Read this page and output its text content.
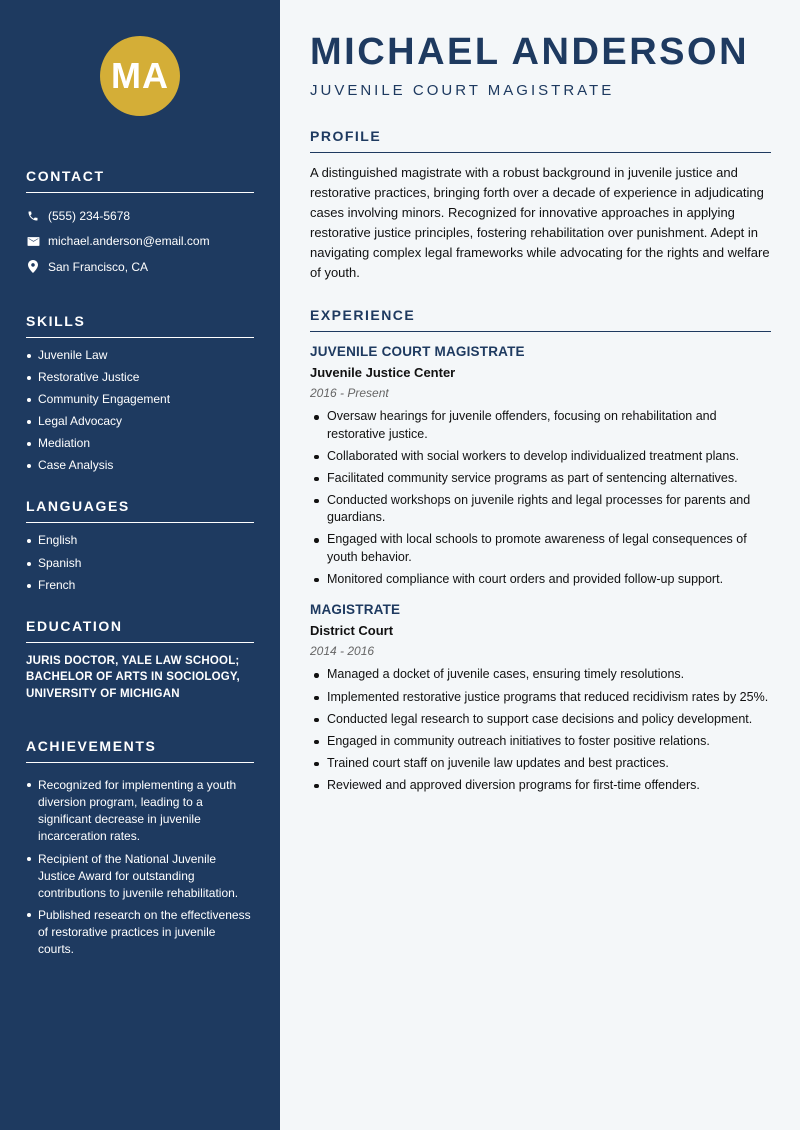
MA
CONTACT
(555) 234-5678
michael.anderson@email.com
San Francisco, CA
SKILLS
Juvenile Law
Restorative Justice
Community Engagement
Legal Advocacy
Mediation
Case Analysis
LANGUAGES
English
Spanish
French
EDUCATION
JURIS DOCTOR, YALE LAW SCHOOL; BACHELOR OF ARTS IN SOCIOLOGY, UNIVERSITY OF MICHIGAN
ACHIEVEMENTS
Recognized for implementing a youth diversion program, leading to a significant decrease in juvenile incarceration rates.
Recipient of the National Juvenile Justice Award for outstanding contributions to juvenile rehabilitation.
Published research on the effectiveness of restorative practices in juvenile courts.
MICHAEL ANDERSON
JUVENILE COURT MAGISTRATE
PROFILE
A distinguished magistrate with a robust background in juvenile justice and restorative practices, bringing forth over a decade of experience in adjudicating cases involving minors. Recognized for innovative approaches in applying restorative justice principles, fostering rehabilitation over punishment. Adept in navigating complex legal frameworks while advocating for the rights and welfare of youth.
EXPERIENCE
JUVENILE COURT MAGISTRATE
Juvenile Justice Center
2016 - Present
Oversaw hearings for juvenile offenders, focusing on rehabilitation and restorative justice.
Collaborated with social workers to develop individualized treatment plans.
Facilitated community service programs as part of sentencing alternatives.
Conducted workshops on juvenile rights and legal processes for parents and guardians.
Engaged with local schools to promote awareness of legal consequences of youth behavior.
Monitored compliance with court orders and provided follow-up support.
MAGISTRATE
District Court
2014 - 2016
Managed a docket of juvenile cases, ensuring timely resolutions.
Implemented restorative justice programs that reduced recidivism rates by 25%.
Conducted legal research to support case decisions and policy development.
Engaged in community outreach initiatives to foster positive relations.
Trained court staff on juvenile law updates and best practices.
Reviewed and approved diversion programs for first-time offenders.
